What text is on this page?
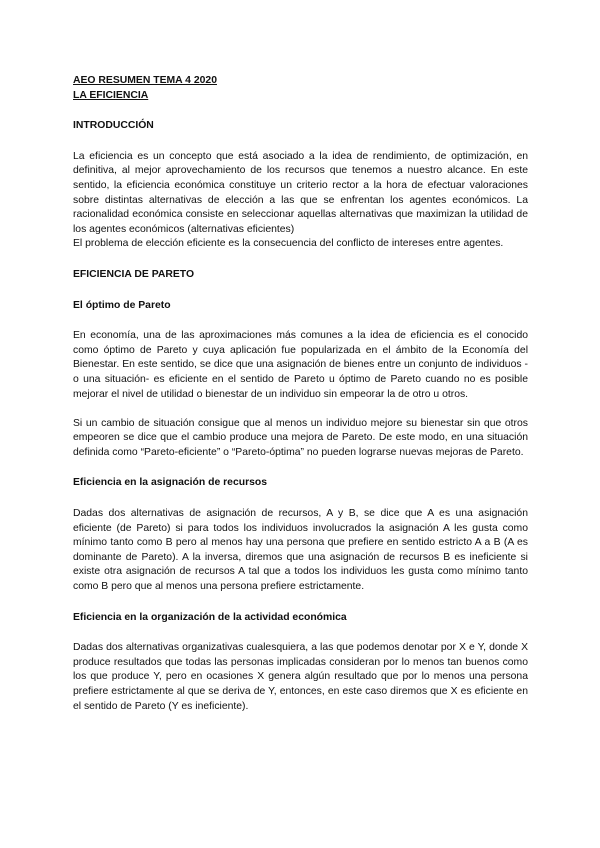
AEO RESUMEN TEMA 4 2020
LA EFICIENCIA
INTRODUCCIÓN

La eficiencia es un concepto que está asociado a la idea de rendimiento, de optimización, en definitiva, al mejor aprovechamiento de los recursos que tenemos a nuestro alcance. En este sentido, la eficiencia económica constituye un criterio rector a la hora de efectuar valoraciones sobre distintas alternativas de elección a las que se enfrentan los agentes económicos. La racionalidad económica consiste en seleccionar aquellas alternativas que maximizan la utilidad de los agentes económicos (alternativas eficientes)

El problema de elección eficiente es la consecuencia del conflicto de intereses entre agentes.

EFICIENCIA DE PARETO
El óptimo de Pareto

En economía, una de las aproximaciones más comunes a la idea de eficiencia es el conocido como óptimo de Pareto y cuya aplicación fue popularizada en el ámbito de la Economía del Bienestar. En este sentido, se dice que una asignación de bienes entre un conjunto de individuos -o una situación- es eficiente en el sentido de Pareto u óptimo de Pareto cuando no es posible mejorar el nivel de utilidad o bienestar de un individuo sin empeorar la de otro u otros.

Si un cambio de situación consigue que al menos un individuo mejore su bienestar sin que otros empeoren se dice que el cambio produce una mejora de Pareto. De este modo, en una situación definida como “Pareto-eficiente” o “Pareto-óptima” no pueden lograrse nuevas mejoras de Pareto.

Eficiencia en la asignación de recursos

Dadas dos alternativas de asignación de recursos, A y B, se dice que A es una asignación eficiente (de Pareto) si para todos los individuos involucrados la asignación A les gusta como mínimo tanto como B pero al menos hay una persona que prefiere en sentido estricto A a B (A es dominante de Pareto). A la inversa, diremos que una asignación de recursos B es ineficiente si existe otra asignación de recursos A tal que a todos los individuos les gusta como mínimo tanto como B pero que al menos una persona prefiere estrictamente.

Eficiencia en la organización de la actividad económica

Dadas dos alternativas organizativas cualesquiera, a las que podemos denotar por X e Y, donde X produce resultados que todas las personas implicadas consideran por lo menos tan buenos como los que produce Y, pero en ocasiones X genera algún resultado que por lo menos una persona prefiere estrictamente al que se deriva de Y, entonces, en este caso diremos que X es eficiente en el sentido de Pareto (Y es ineficiente).
